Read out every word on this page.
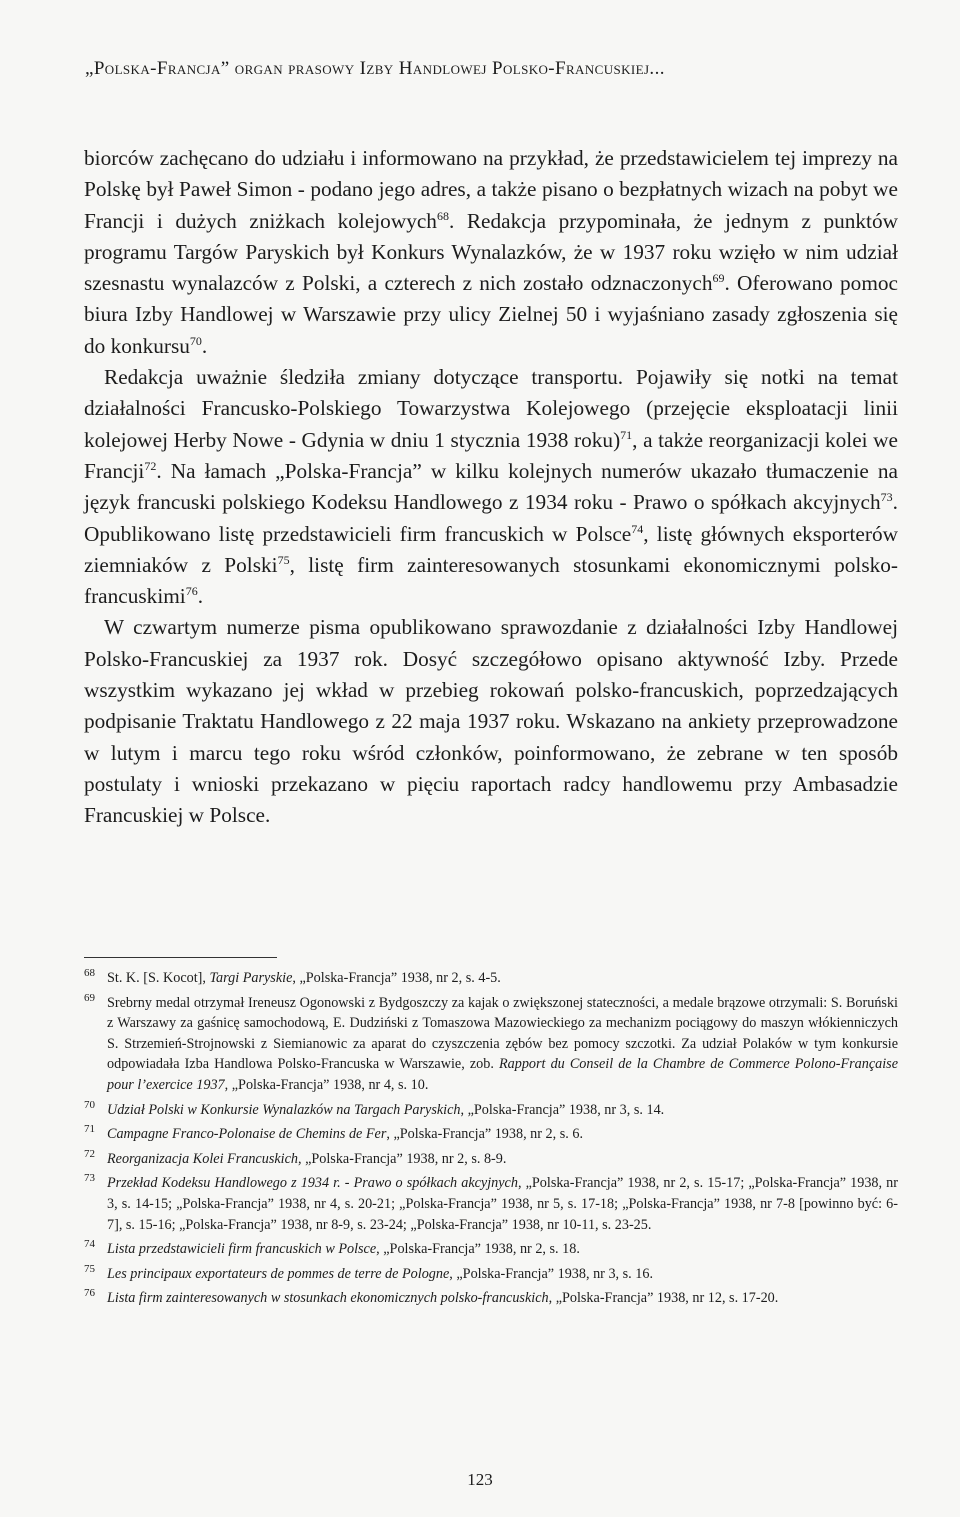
„Polska-Francja” organ prasowy Izby Handlowej Polsko-Francuskiej...

biorców zachęcano do udziału i informowano na przykład, że przedstawicielem tej imprezy na Polskę był Paweł Simon - podano jego adres, a także pisano o bezpłatnych wizach na pobyt we Francji i dużych zniżkach kolejowych$^{68}$. Redakcja przypominała, że jednym z punktów programu Targów Paryskich był Konkurs Wynalazków, że w 1937 roku wzięło w nim udział szesnastu wynalazców z Polski, a czterech z nich zostało odznaczonych$^{69}$. Oferowano pomoc biura Izby Handlowej w Warszawie przy ulicy Zielnej 50 i wyjaśniano zasady zgłoszenia się do konkursu$^{70}$.

Redakcja uważnie śledziła zmiany dotyczące transportu. Pojawiły się notki na temat działalności Francusko-Polskiego Towarzystwa Kolejowego (przejęcie eksploatacji linii kolejowej Herby Nowe - Gdynia w dniu 1 stycznia 1938 roku)$^{71}$, a także reorganizacji kolei we Francji$^{72}$. Na łamach „Polska-Francja” w kilku kolejnych numerów ukazało tłumaczenie na język francuski polskiego Kodeksu Handlowego z 1934 roku - Prawo o spółkach akcyjnych$^{73}$. Opublikowano listę przedstawicieli firm francuskich w Polsce$^{74}$, listę głównych eksporterów ziemniaków z Polski$^{75}$, listę firm zainteresowanych stosunkami ekonomicznymi polsko-francuskimi$^{76}$.

W czwartym numerze pisma opublikowano sprawozdanie z działalności Izby Handlowej Polsko-Francuskiej za 1937 rok. Dosyć szczegółowo opisano aktywność Izby. Przede wszystkim wykazano jej wkład w przebieg rokowań polsko-francuskich, poprzedzających podpisanie Traktatu Handlowego z 22 maja 1937 roku. Wskazano na ankiety przeprowadzone w lutym i marcu tego roku wśród członków, poinformowano, że zebrane w ten sposób postulaty i wnioski przekazano w pięciu raportach radcy handlowemu przy Ambasadzie Francuskiej w Polsce.

68 St. K. [S. Kocot], Targi Paryskie, „Polska-Francja” 1938, nr 2, s. 4-5.
69 Srebrny medal otrzymał Ireneusz Ogonowski z Bydgoszczy za kajak o zwiększonej stateczności, a medale brązowe otrzymali: S. Boruński z Warszawy za gaśnicę samochodową, E. Dudziński z Tomaszowa Mazowieckiego za mechanizm pociągowy do maszyn włókienniczych S. Strzemień-Strojnowski z Siemianowic za aparat do czyszczenia zębów bez pomocy szczotki. Za udział Polaków w tym konkursie odpowiadała Izba Handlowa Polsko-Francuska w Warszawie, zob. Rapport du Conseil de la Chambre de Commerce Polono-Française pour l’exercice 1937, „Polska-Francja” 1938, nr 4, s. 10.
70 Udział Polski w Konkursie Wynalazków na Targach Paryskich, „Polska-Francja” 1938, nr 3, s. 14.
71 Campagne Franco-Polonaise de Chemins de Fer, „Polska-Francja” 1938, nr 2, s. 6.
72 Reorganizacja Kolei Francuskich, „Polska-Francja” 1938, nr 2, s. 8-9.
73 Przekład Kodeksu Handlowego z 1934 r. - Prawo o spółkach akcyjnych, „Polska-Francja” 1938, nr 2, s. 15-17; „Polska-Francja” 1938, nr 3, s. 14-15; „Polska-Francja” 1938, nr 4, s. 20-21; „Polska-Francja” 1938, nr 5, s. 17-18; „Polska-Francja” 1938, nr 7-8 [powinno być: 6-7], s. 15-16; „Polska-Francja” 1938, nr 8-9, s. 23-24; „Polska-Francja” 1938, nr 10-11, s. 23-25.
74 Lista przedstawicieli firm francuskich w Polsce, „Polska-Francja” 1938, nr 2, s. 18.
75 Les principaux exportateurs de pommes de terre de Pologne, „Polska-Francja” 1938, nr 3, s. 16.
76 Lista firm zainteresowanych w stosunkach ekonomicznych polsko-francuskich, „Polska-Francja” 1938, nr 12, s. 17-20.
123
